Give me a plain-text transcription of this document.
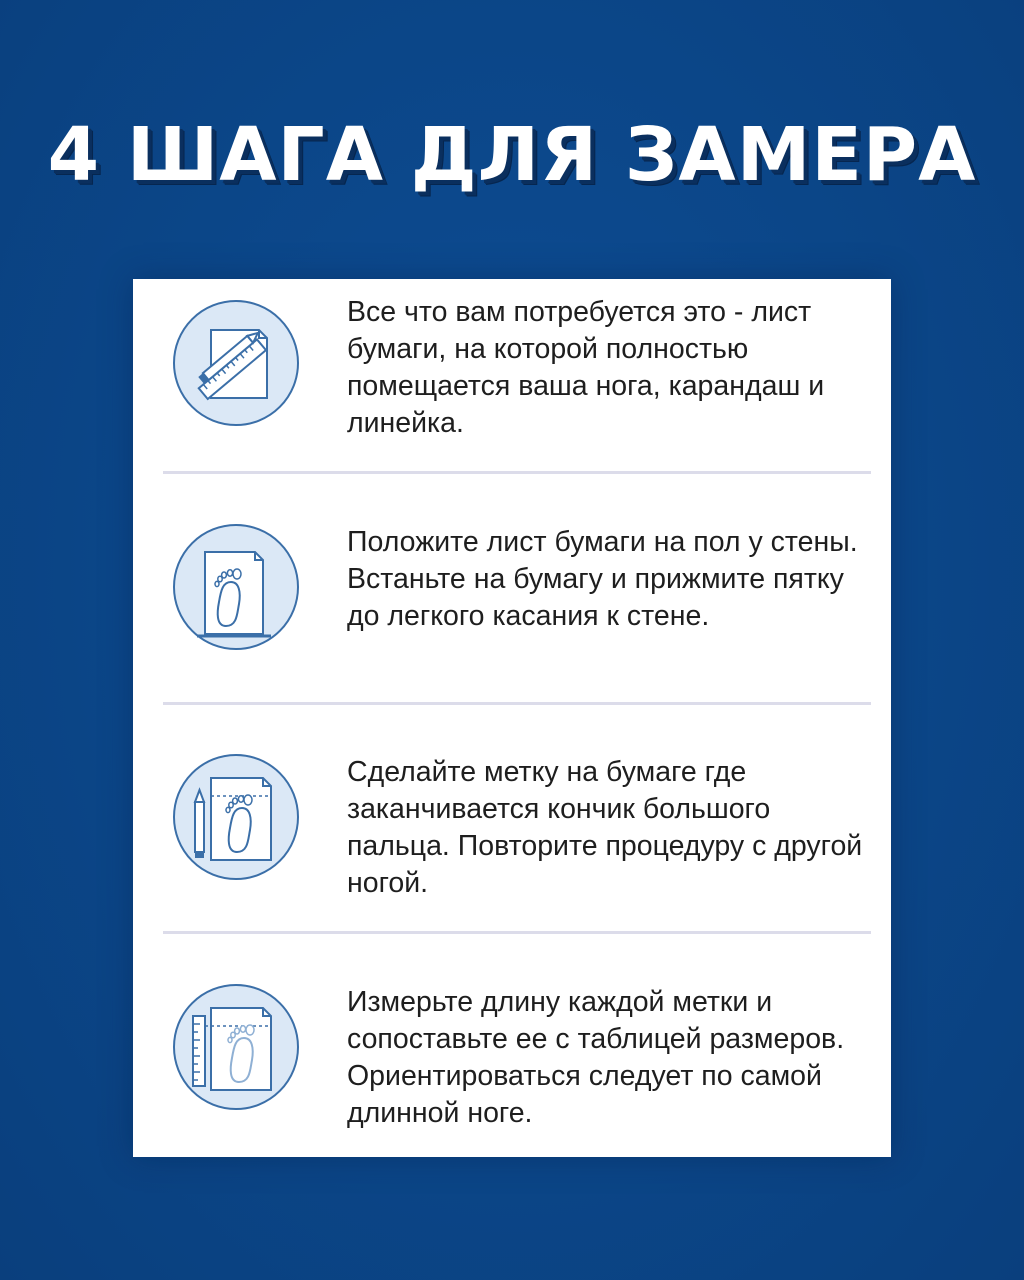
4 ШАГА ДЛЯ ЗАМЕРА

Все что вам потребуется это - лист бумаги, на которой полностью помещается ваша нога, карандаш и линейка.

Положите лист бумаги на пол у стены. Встаньте на бумагу и прижмите пятку до легкого касания к стене.

Сделайте метку на бумаге где заканчивается кончик большого пальца. Повторите процедуру с другой ногой.

Измерьте длину каждой метки и сопоставьте ее с таблицей размеров. Ориентироваться следует по самой длинной ноге.
